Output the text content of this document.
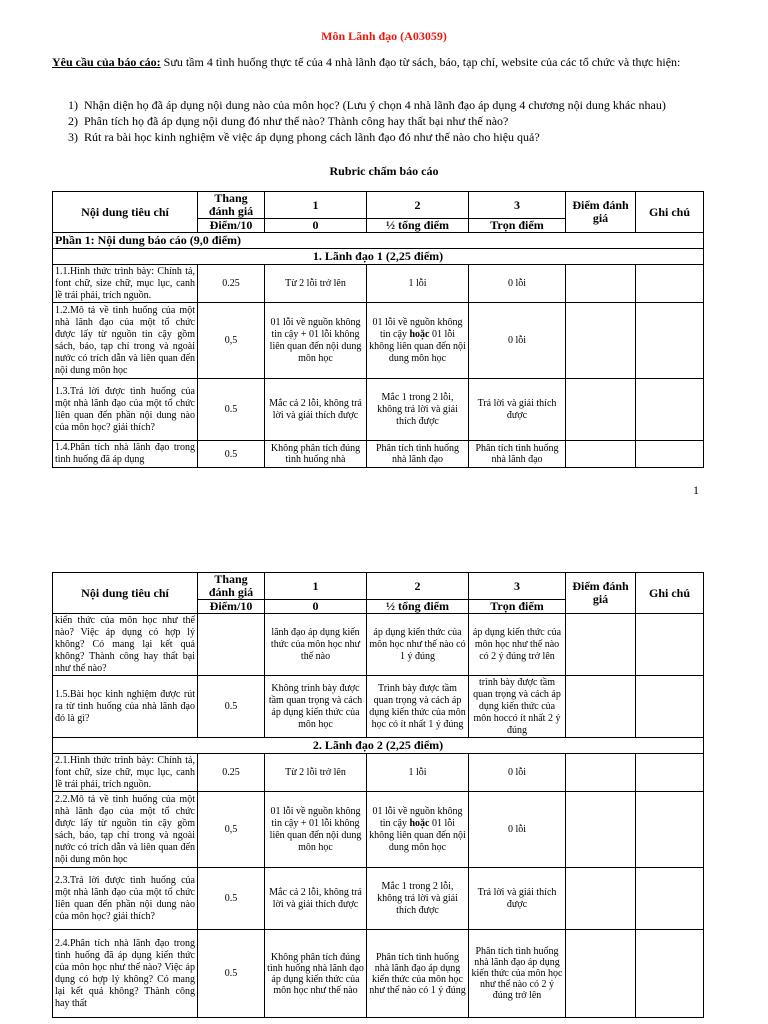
Môn Lãnh đạo (A03059)
Yêu cầu của báo cáo: Sưu tầm 4 tình huống thực tế của 4 nhà lãnh đạo từ sách, báo, tạp chí, website của các tổ chức và thực hiện:
1) Nhận diện họ đã áp dụng nội dung nào của môn học? (Lưu ý chọn 4 nhà lãnh đạo áp dụng 4 chương nội dung khác nhau)
2) Phân tích họ đã áp dụng nội dung đó như thế nào? Thành công hay thất bại như thế nào?
3) Rút ra bài học kinh nghiệm về việc áp dụng phong cách lãnh đạo đó như thế nào cho hiệu quả?
Rubric chấm báo cáo
Nội dung tiêu chí	Thang đánh giá	1	2	3	Điểm đánh giá	Ghi chú
	Điểm/10	0	½ tổng điểm	Trọn điểm		
Phần 1: Nội dung báo cáo (9,0 điểm)						
1. Lãnh đạo 1 (2,25 điểm)						
1.1.Hình thức trình bày: Chính tả, font chữ, size chữ, mục lục, canh lề trái phải, trích nguồn.	0.25	Từ 2 lỗi trở lên	1 lỗi	0 lỗi		
1.2.Mô tả về tình huống của một nhà lãnh đạo của một tổ chức được lấy từ nguồn tin cậy gồm sách, báo, tạp chí trong và ngoài nước có trích dẫn và liên quan đến nội dung môn học	0,5	01 lỗi về nguồn không tin cậy + 01 lỗi không liên quan đến nội dung môn học	01 lỗi về nguồn không tin cậy hoặc 01 lỗi không liên quan đến nội dung môn học	0 lỗi		
1.3.Trả lời được tình huống của một nhà lãnh đạo của một tổ chức liên quan đến phần nội dung nào của môn học? giải thích?	0.5	Mắc cả 2 lỗi, không trả lời và giải thích được	Mắc 1 trong 2 lỗi, không trả lời và giải thích được	Trả lời và giải thích được		
1.4.Phân tích nhà lãnh đạo trong tình huống đã áp dụng	0.5	Không phân tích đúng tình huống nhà	Phân tích tình huống nhà lãnh đạo	Phân tích tình huống nhà lãnh đạo		
1
Nội dung tiêu chí	Thang đánh giá	1	2	3	Điểm đánh giá	Ghi chú
	Điểm/10	0	½ tổng điểm	Trọn điểm		
kiến thức của môn học như thế nào? Việc áp dụng có hợp lý không? Có mang lại kết quả không? Thành công hay thất bại như thế nào?		lãnh đạo áp dụng kiến thức của môn học như thế nào	áp dụng kiến thức của môn học như thế nào có 1 ý đúng	áp dụng kiến thức của môn học như thế nào có 2 ý đúng trở lên		
1.5.Bài học kinh nghiệm được rút ra từ tình huống của nhà lãnh đạo đó là gì?	0.5	Không trình bày được tầm quan trọng và cách áp dụng kiến thức của môn học	Trình bày được tầm quan trọng và cách áp dụng kiến thức của môn học có ít nhất 1 ý đúng	trình bày được tầm quan trọng và cách áp dụng kiến thức của môn hoccó ít nhất 2 ý đúng		
2. Lãnh đạo 2 (2,25 điểm)						
2.1.Hình thức trình bày: Chính tả, font chữ, size chữ, mục lục, canh lề trái phải, trích nguồn.	0.25	Từ 2 lỗi trở lên	1 lỗi	0 lỗi		
2.2.Mô tả về tình huống của một nhà lãnh đạo của một tổ chức được lấy từ nguồn tin cậy gồm sách, báo, tạp chí trong và ngoài nước có trích dẫn và liên quan đến nội dung môn học	0,5	01 lỗi về nguồn không tin cậy + 01 lỗi không liên quan đến nội dung môn học	01 lỗi về nguồn không tin cậy hoặc 01 lỗi không liên quan đến nội dung môn học	0 lỗi		
2.3.Trả lời được tình huống của một nhà lãnh đạo của một tổ chức liên quan đến phần nội dung nào của môn học? giải thích?	0.5	Mắc cả 2 lỗi, không trả lời và giải thích được	Mắc 1 trong 2 lỗi, không trả lời và giải thích được	Trả lời và giải thích được		
2.4.Phân tích nhà lãnh đạo trong tình huống đã áp dụng kiến thức của môn học như thế nào? Việc áp dụng có hợp lý không? Có mang lại kết quả không? Thành công hay thất	0.5	Không phân tích đúng tình huống nhà lãnh đạo áp dụng kiến thức của môn học như thế nào	Phân tích tình huống nhà lãnh đạo áp dụng kiến thức của môn học như thế nào có 1 ý đúng	Phân tích tình huống nhà lãnh đạo áp dụng kiến thức của môn học như thế nào có 2 ý đúng trở lên		
